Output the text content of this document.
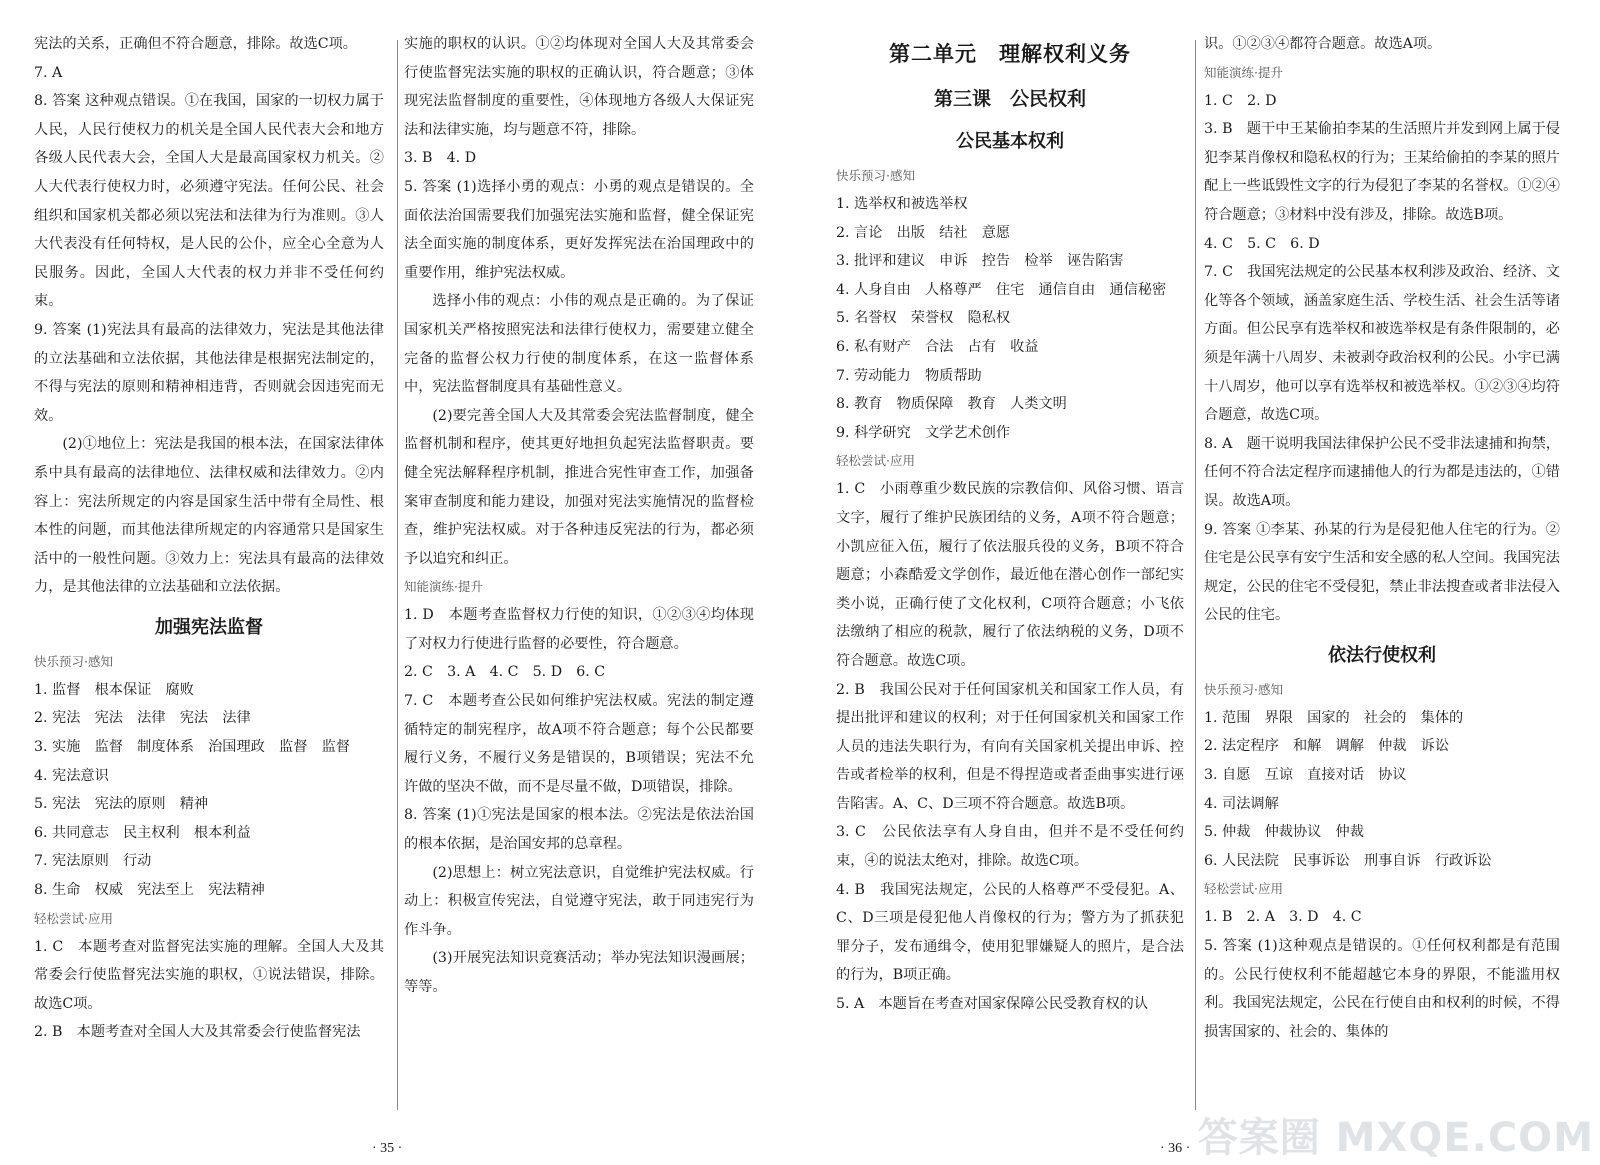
宪法的关系，正确但不符合题意，排除。故选C项。

7. A

8. 答案 这种观点错误。①在我国，国家的一切权力属于人民，人民行使权力的机关是全国人民代表大会和地方各级人民代表大会，全国人大是最高国家权力机关。②人大代表行使权力时，必须遵守宪法。任何公民、社会组织和国家机关都必须以宪法和法律为行为准则。③人大代表没有任何特权，是人民的公仆，应全心全意为人民服务。因此，全国人大代表的权力并非不受任何约束。

9. 答案 (1)宪法具有最高的法律效力，宪法是其他法律的立法基础和立法依据，其他法律是根据宪法制定的，不得与宪法的原则和精神相违背，否则就会因违宪而无效。

(2)①地位上：宪法是我国的根本法，在国家法律体系中具有最高的法律地位、法律权威和法律效力。②内容上：宪法所规定的内容是国家生活中带有全局性、根本性的问题，而其他法律所规定的内容通常只是国家生活中的一般性问题。③效力上：宪法具有最高的法律效力，是其他法律的立法基础和立法依据。

加强宪法监督
快乐预习·感知

1. 监督　根本保证　腐败

2. 宪法　宪法　法律　宪法　法律

3. 实施　监督　制度体系　治国理政　监督　监督

4. 宪法意识

5. 宪法　宪法的原则　精神

6. 共同意志　民主权利　根本利益

7. 宪法原则　行动

8. 生命　权威　宪法至上　宪法精神

轻松尝试·应用

1. C　本题考查对监督宪法实施的理解。全国人大及其常委会行使监督宪法实施的职权，①说法错误，排除。故选C项。

2. B　本题考查对全国人大及其常委会行使监督宪法

实施的职权的认识。①②均体现对全国人大及其常委会行使监督宪法实施的职权的正确认识，符合题意；③体现宪法监督制度的重要性，④体现地方各级人大保证宪法和法律实施，均与题意不符，排除。

3. B　4. D

5. 答案 (1)选择小勇的观点：小勇的观点是错误的。全面依法治国需要我们加强宪法实施和监督，健全保证宪法全面实施的制度体系，更好发挥宪法在治国理政中的重要作用，维护宪法权威。

选择小伟的观点：小伟的观点是正确的。为了保证国家机关严格按照宪法和法律行使权力，需要建立健全完备的监督公权力行使的制度体系，在这一监督体系中，宪法监督制度具有基础性意义。

(2)要完善全国人大及其常委会宪法监督制度，健全监督机制和程序，使其更好地担负起宪法监督职责。要健全宪法解释程序机制，推进合宪性审查工作，加强备案审查制度和能力建设，加强对宪法实施情况的监督检查，维护宪法权威。对于各种违反宪法的行为，都必须予以追究和纠正。

知能演练·提升

1. D　本题考查监督权力行使的知识，①②③④均体现了对权力行使进行监督的必要性，符合题意。

2. C　3. A　4. C　5. D　6. C

7. C　本题考查公民如何维护宪法权威。宪法的制定遵循特定的制宪程序，故A项不符合题意；每个公民都要履行义务，不履行义务是错误的，B项错误；宪法不允许做的坚决不做，而不是尽量不做，D项错误，排除。

8. 答案 (1)①宪法是国家的根本法。②宪法是依法治国的根本依据，是治国安邦的总章程。

(2)思想上：树立宪法意识，自觉维护宪法权威。行动上：积极宣传宪法，自觉遵守宪法，敢于同违宪行为作斗争。

(3)开展宪法知识竞赛活动；举办宪法知识漫画展；等等。

· 35 ·
第二单元　理解权利义务
第三课　公民权利
公民基本权利
快乐预习·感知

1. 选举权和被选举权

2. 言论　出版　结社　意愿

3. 批评和建议　申诉　控告　检举　诬告陷害

4. 人身自由　人格尊严　住宅　通信自由　通信秘密

5. 名誉权　荣誉权　隐私权

6. 私有财产　合法　占有　收益

7. 劳动能力　物质帮助

8. 教育　物质保障　教育　人类文明

9. 科学研究　文学艺术创作

轻松尝试·应用

1. C　小雨尊重少数民族的宗教信仰、风俗习惯、语言文字，履行了维护民族团结的义务，A项不符合题意；小凯应征入伍，履行了依法服兵役的义务，B项不符合题意；小森酷爱文学创作，最近他在潜心创作一部纪实类小说，正确行使了文化权利，C项符合题意；小飞依法缴纳了相应的税款，履行了依法纳税的义务，D项不符合题意。故选C项。

2. B　我国公民对于任何国家机关和国家工作人员，有提出批评和建议的权利；对于任何国家机关和国家工作人员的违法失职行为，有向有关国家机关提出申诉、控告或者检举的权利，但是不得捏造或者歪曲事实进行诬告陷害。A、C、D三项不符合题意。故选B项。

3. C　公民依法享有人身自由，但并不是不受任何约束，④的说法太绝对，排除。故选C项。

4. B　我国宪法规定，公民的人格尊严不受侵犯。A、C、D三项是侵犯他人肖像权的行为；警方为了抓获犯罪分子，发布通缉令，使用犯罪嫌疑人的照片，是合法的行为，B项正确。

5. A　本题旨在考查对国家保障公民受教育权的认

识。①②③④都符合题意。故选A项。

知能演练·提升

1. C　2. D

3. B　题干中王某偷拍李某的生活照片并发到网上属于侵犯李某肖像权和隐私权的行为；王某给偷拍的李某的照片配上一些诋毁性文字的行为侵犯了李某的名誉权。①②④符合题意；③材料中没有涉及，排除。故选B项。

4. C　5. C　6. D

7. C　我国宪法规定的公民基本权利涉及政治、经济、文化等各个领域，涵盖家庭生活、学校生活、社会生活等诸方面。但公民享有选举权和被选举权是有条件限制的，必须是年满十八周岁、未被剥夺政治权利的公民。小宇已满十八周岁，他可以享有选举权和被选举权。①②③④均符合题意，故选C项。

8. A　题干说明我国法律保护公民不受非法逮捕和拘禁，任何不符合法定程序而逮捕他人的行为都是违法的，①错误。故选A项。

9. 答案 ①李某、孙某的行为是侵犯他人住宅的行为。②住宅是公民享有安宁生活和安全感的私人空间。我国宪法规定，公民的住宅不受侵犯，禁止非法搜查或者非法侵入公民的住宅。

依法行使权利
快乐预习·感知

1. 范围　界限　国家的　社会的　集体的

2. 法定程序　和解　调解　仲裁　诉讼

3. 自愿　互谅　直接对话　协议

4. 司法调解

5. 仲裁　仲裁协议　仲裁

6. 人民法院　民事诉讼　刑事自诉　行政诉讼

轻松尝试·应用

1. B　2. A　3. D　4. C

5. 答案 (1)这种观点是错误的。①任何权利都是有范围的。公民行使权利不能超越它本身的界限，不能滥用权利。我国宪法规定，公民在行使自由和权利的时候，不得损害国家的、社会的、集体的

· 36 · 答案圈 MXQE.COM
